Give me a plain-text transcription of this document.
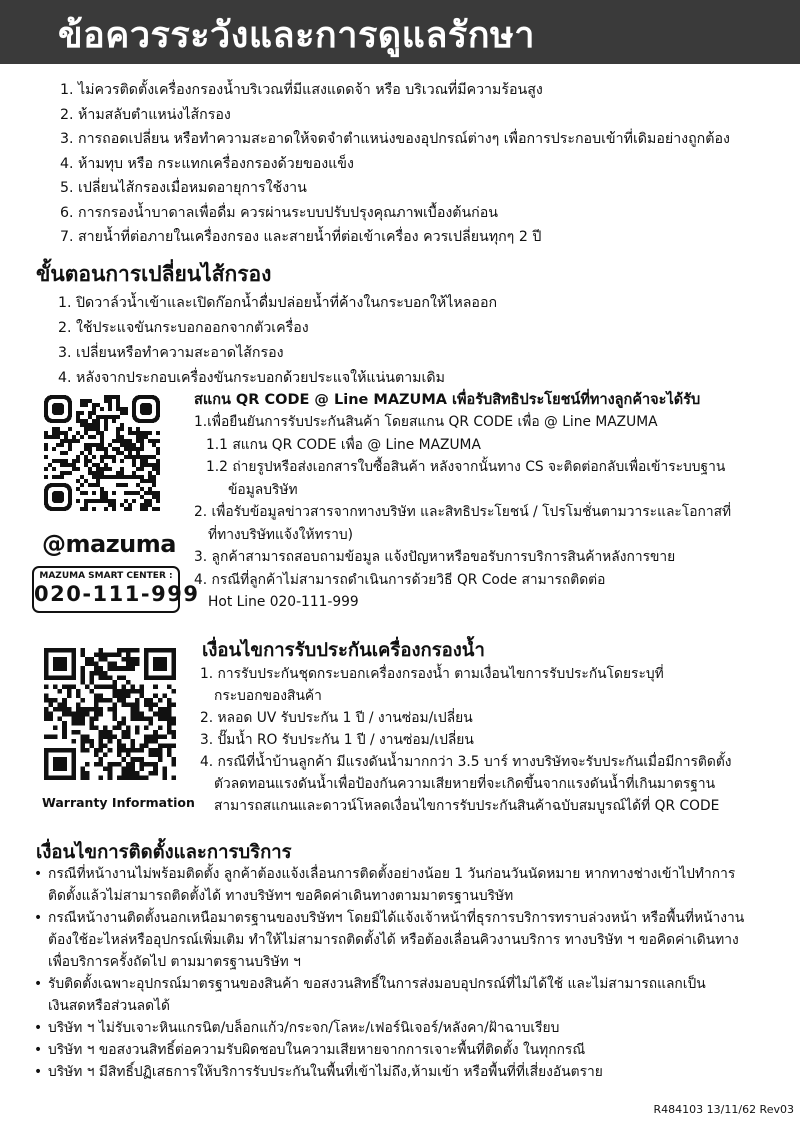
ข้อควรระวังและการดูแลรักษา
1. ไม่ควรติดตั้งเครื่องกรองน้ำบริเวณที่มีแสงแดดจ้า หรือ บริเวณที่มีความร้อนสูง
2. ห้ามสลับตำแหน่งไส้กรอง
3. การถอดเปลี่ยน หรือทำความสะอาดให้จดจำตำแหน่งของอุปกรณ์ต่างๆ เพื่อการประกอบเข้าที่เดิมอย่างถูกต้อง
4. ห้ามทุบ หรือ กระแทกเครื่องกรองด้วยของแข็ง
5. เปลี่ยนไส้กรองเมื่อหมดอายุการใช้งาน
6. การกรองน้ำบาดาลเพื่อดื่ม ควรผ่านระบบปรับปรุงคุณภาพเบื้องต้นก่อน
7. สายน้ำที่ต่อภายในเครื่องกรอง และสายน้ำที่ต่อเข้าเครื่อง ควรเปลี่ยนทุกๆ 2 ปี
ขั้นตอนการเปลี่ยนไส้กรอง
1. ปิดวาล์วน้ำเข้าและเปิดก๊อกน้ำดื่มปล่อยน้ำที่ค้างในกระบอกให้ไหลออก
2. ใช้ประแจขันกระบอกออกจากตัวเครื่อง
3. เปลี่ยนหรือทำความสะอาดไส้กรอง
4. หลังจากประกอบเครื่องขันกระบอกด้วยประแจให้แน่นตามเดิม
@mazuma
MAZUMA SMART CENTER :
020-111-999
สแกน QR CODE @ Line MAZUMA เพื่อรับสิทธิประโยชน์ที่ทางลูกค้าจะได้รับ
1.เพื่อยืนยันการรับประกันสินค้า โดยสแกน QR CODE เพื่อ @ Line MAZUMA
1.1 สแกน QR CODE เพื่อ @ Line MAZUMA
1.2 ถ่ายรูปหรือส่งเอกสารใบซื้อสินค้า หลังจากนั้นทาง CS จะติดต่อกลับเพื่อเข้าระบบฐาน
ข้อมูลบริษัท
2. เพื่อรับข้อมูลข่าวสารจากทางบริษัท และสิทธิประโยชน์ / โปรโมชั่นตามวาระและโอกาสที่
ที่ทางบริษัทแจ้งให้ทราบ)
3. ลูกค้าสามารถสอบถามข้อมูล แจ้งปัญหาหรือขอรับการบริการสินค้าหลังการขาย
4. กรณีที่ลูกค้าไม่สามารถดำเนินการด้วยวิธี QR Code สามารถติดต่อ
Hot Line 020-111-999
Warranty Information
เงื่อนไขการรับประกันเครื่องกรองน้ำ
1. การรับประกันชุดกระบอกเครื่องกรองน้ำ ตามเงื่อนไขการรับประกันโดยระบุที่
กระบอกของสินค้า
2. หลอด UV รับประกัน 1 ปี / งานซ่อม/เปลี่ยน
3. ปั๊มน้ำ RO รับประกัน 1 ปี / งานซ่อม/เปลี่ยน
4. กรณีที่น้ำบ้านลูกค้า มีแรงดันน้ำมากกว่า 3.5 บาร์ ทางบริษัทจะรับประกันเมื่อมีการติดตั้ง
ตัวลดทอนแรงดันน้ำเพื่อป้องกันความเสียหายที่จะเกิดขึ้นจากแรงดันน้ำที่เกินมาตรฐาน
สามารถสแกนและดาวน์โหลดเงื่อนไขการรับประกันสินค้าฉบับสมบูรณ์ได้ที่ QR CODE
เงื่อนไขการติดตั้งและการบริการ
• กรณีที่หน้างานไม่พร้อมติดตั้ง ลูกค้าต้องแจ้งเลื่อนการติดตั้งอย่างน้อย 1 วันก่อนวันนัดหมาย หากทางช่างเข้าไปทำการ
ติดตั้งแล้วไม่สามารถติดตั้งได้ ทางบริษัทฯ ขอคิดค่าเดินทางตามมาตรฐานบริษัท
• กรณีหน้างานติดตั้งนอกเหนือมาตรฐานของบริษัทฯ โดยมิได้แจ้งเจ้าหน้าที่ธุรการบริการทราบล่วงหน้า หรือพื้นที่หน้างาน
ต้องใช้อะไหล่หรืออุปกรณ์เพิ่มเติม ทำให้ไม่สามารถติดตั้งได้ หรือต้องเลื่อนคิวงานบริการ ทางบริษัท ฯ ขอคิดค่าเดินทาง
เพื่อบริการครั้งถัดไป ตามมาตรฐานบริษัท ฯ
• รับติดตั้งเฉพาะอุปกรณ์มาตรฐานของสินค้า ขอสงวนสิทธิ์ในการส่งมอบอุปกรณ์ที่ไม่ได้ใช้ และไม่สามารถแลกเป็น
เงินสดหรือส่วนลดได้
• บริษัท ฯ ไม่รับเจาะหินแกรนิต/บล็อกแก้ว/กระจก/โลหะ/เฟอร์นิเจอร์/หลังคา/ฝ้าฉาบเรียบ
• บริษัท ฯ ขอสงวนสิทธิ์ต่อความรับผิดชอบในความเสียหายจากการเจาะพื้นที่ติดตั้ง ในทุกกรณี
• บริษัท ฯ มีสิทธิ์ปฏิเสธการให้บริการรับประกันในพื้นที่เข้าไม่ถึง,ห้ามเข้า หรือพื้นที่ที่เสี่ยงอันตราย
R484103 13/11/62 Rev03
